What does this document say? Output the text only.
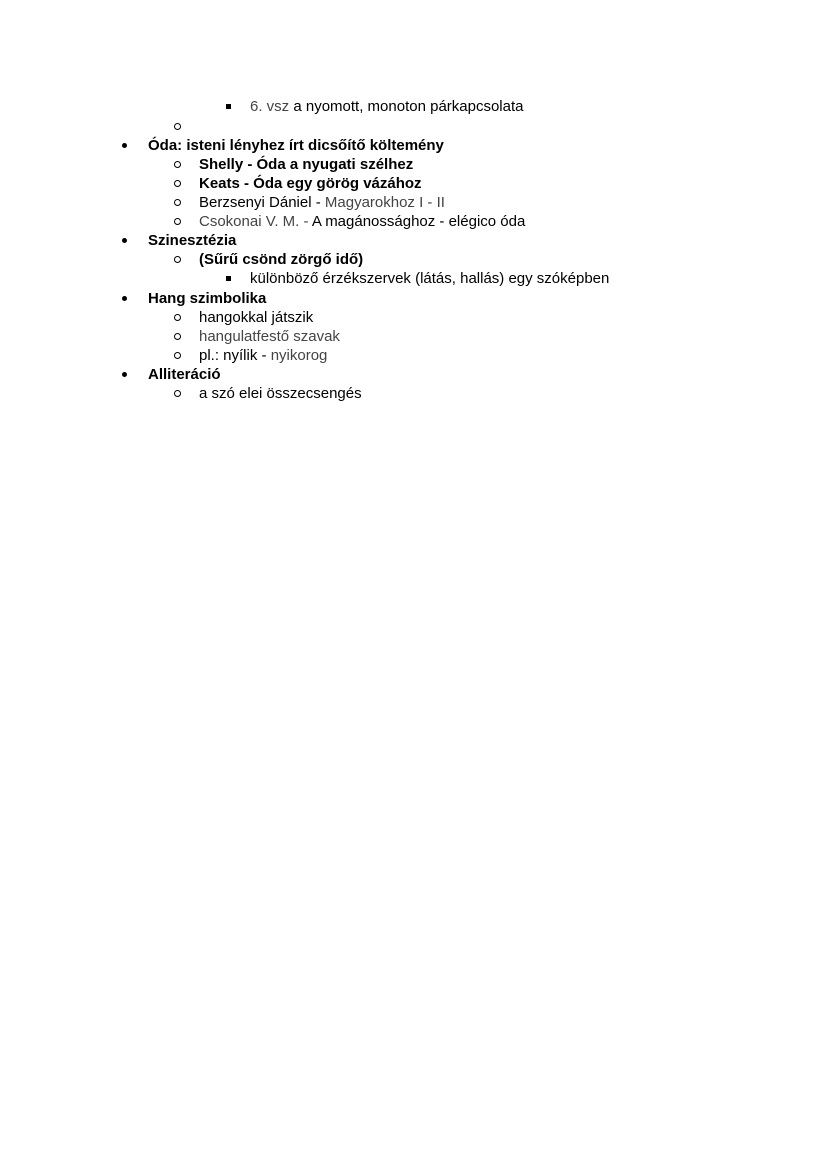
6. vsz a nyomott, monoton párkapcsolata
Óda: isteni lényhez írt dicsőítő költemény
Shelly - Óda a nyugati szélhez
Keats - Óda egy görög vázához
Berzsenyi Dániel - Magyarokhoz I - II
Csokonai V. M. - A magánossághoz - elégico óda
Szinesztézia
(Sűrű csönd zörgő idő)
különböző érzékszervek (látás, hallás) egy szóképben
Hang szimbolika
hangokkal játszik
hangulatfestő szavak
pl.: nyílik - nyikorog
Alliteráció
a szó elei összecsengés
